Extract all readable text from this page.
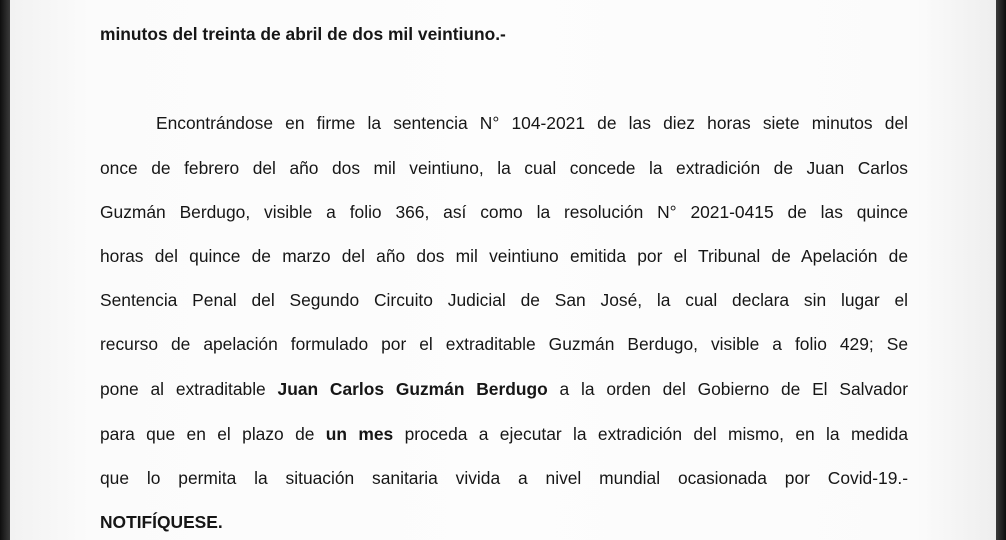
minutos del treinta de abril de dos mil veintiuno.-
Encontrándose en firme la sentencia N° 104-2021 de las diez horas siete minutos del
once de febrero del año dos mil veintiuno, la cual concede la extradición de Juan Carlos
Guzmán Berdugo, visible a folio 366, así como la resolución N° 2021-0415 de las quince
horas del quince de marzo del año dos mil veintiuno emitida por el Tribunal de Apelación de
Sentencia Penal del Segundo Circuito Judicial de San José, la cual declara sin lugar el
recurso de apelación formulado por el extraditable Guzmán Berdugo, visible a folio 429; Se
pone al extraditable Juan Carlos Guzmán Berdugo a la orden del Gobierno de El Salvador
para que en el plazo de un mes proceda a ejecutar la extradición del mismo, en la medida
que lo permita la situación sanitaria vivida a nivel mundial ocasionada por Covid-19.-
NOTIFÍQUESE.
